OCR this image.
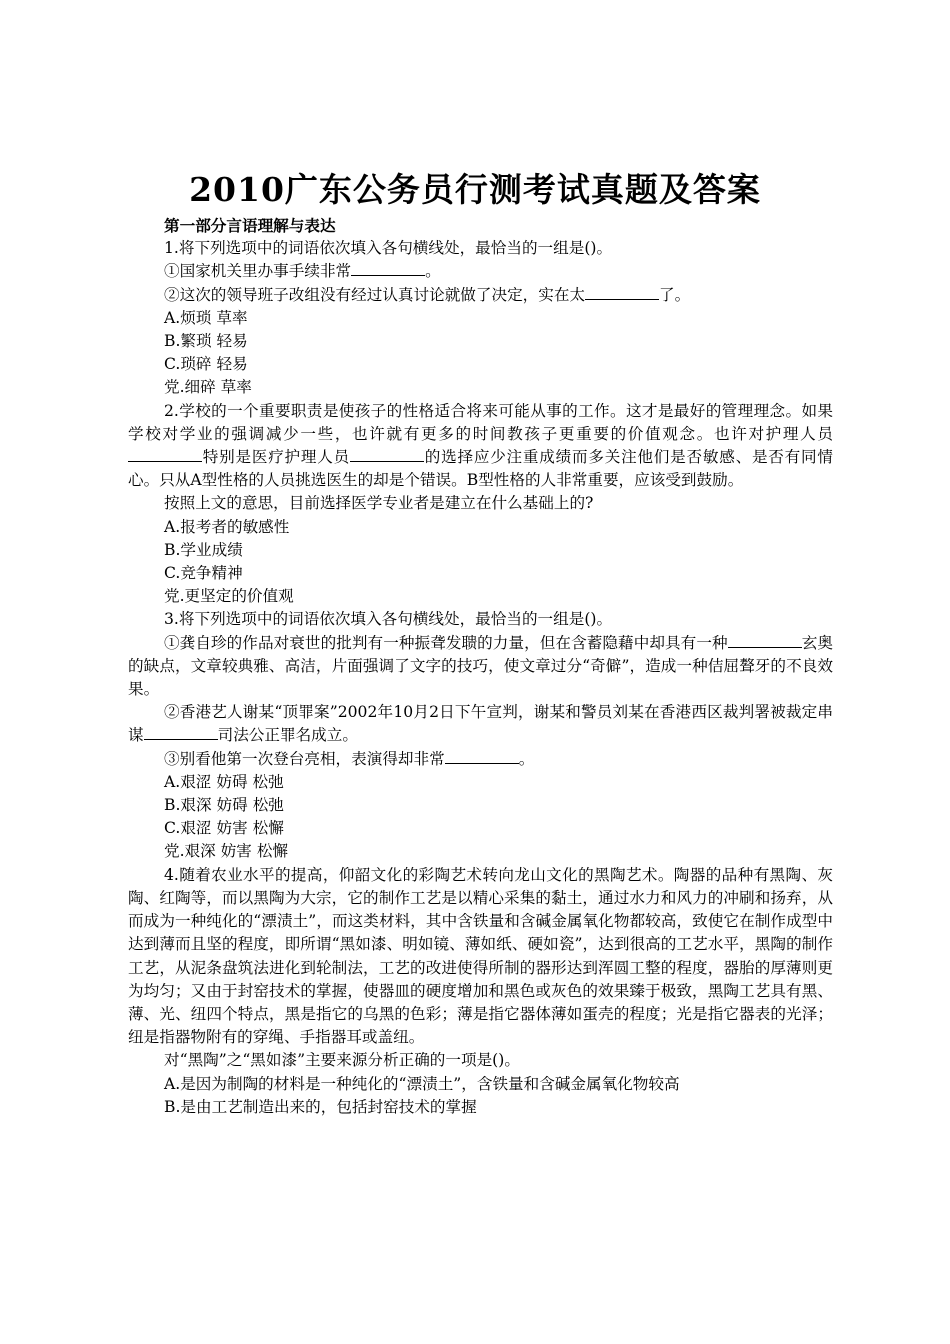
2010广东公务员行测考试真题及答案

第一部分言语理解与表达

1.将下列选项中的词语依次填入各句横线处，最恰当的一组是()。

①国家机关里办事手续非常	。

②这次的领导班子改组没有经过认真讨论就做了决定，实在太	了。

A.烦琐 草率

B.繁琐 轻易

C.琐碎 轻易

党.细碎 草率

2.学校的一个重要职责是使孩子的性格适合将来可能从事的工作。这才是最好的管理理念。如果学校对学业的强调减少一些，也许就有更多的时间教孩子更重要的价值观念。也许对护理人员特别是医疗护理人员	的选择应少注重成绩而多关注他们是否敏感、是否有同情心。只从A型性格的人员挑选医生的却是个错误。B型性格的人非常重要，应该受到鼓励。

按照上文的意思，目前选择医学专业者是建立在什么基础上的?

A.报考者的敏感性

B.学业成绩

C.竞争精神

党.更坚定的价值观

3.将下列选项中的词语依次填入各句横线处，最恰当的一组是()。

①龚自珍的作品对衰世的批判有一种振聋发聩的力量，但在含蓄隐藉中却具有一种	玄奥的缺点，文章较典雅、高洁，片面强调了文字的技巧，使文章过分“奇僻”，造成一种佶屈聱牙的不良效果。

②香港艺人谢某“顶罪案”2002年10月2日下午宣判，谢某和警员刘某在香港西区裁判署被裁定串谋	司法公正罪名成立。

③别看他第一次登台亮相，表演得却非常	。

A.艰涩 妨碍 松弛

B.艰深 妨碍 松弛

C.艰涩 妨害 松懈

党.艰深 妨害 松懈

4.随着农业水平的提高，仰韶文化的彩陶艺术转向龙山文化的黑陶艺术。陶器的品种有黑陶、灰陶、红陶等，而以黑陶为大宗，它的制作工艺是以精心采集的黏土，通过水力和风力的冲刷和扬弃，从而成为一种纯化的“漂渍土”，而这类材料，其中含铁量和含碱金属氧化物都较高，致使它在制作成型中达到薄而且坚的程度，即所谓“黑如漆、明如镜、薄如纸、硬如瓷”，达到很高的工艺水平，黑陶的制作工艺，从泥条盘筑法进化到轮制法，工艺的改进使得所制的器形达到浑圆工整的程度，器胎的厚薄则更为均匀；又由于封窑技术的掌握，使器皿的硬度增加和黑色或灰色的效果臻于极致，黑陶工艺具有黑、薄、光、纽四个特点，黑是指它的乌黑的色彩；薄是指它器体薄如蛋壳的程度；光是指它器表的光泽；纽是指器物附有的穿绳、手指器耳或盖纽。

对“黑陶”之“黑如漆”主要来源分析正确的一项是()。

A.是因为制陶的材料是一种纯化的“漂渍土”，含铁量和含碱金属氧化物较高

B.是由工艺制造出来的，包括封窑技术的掌握
